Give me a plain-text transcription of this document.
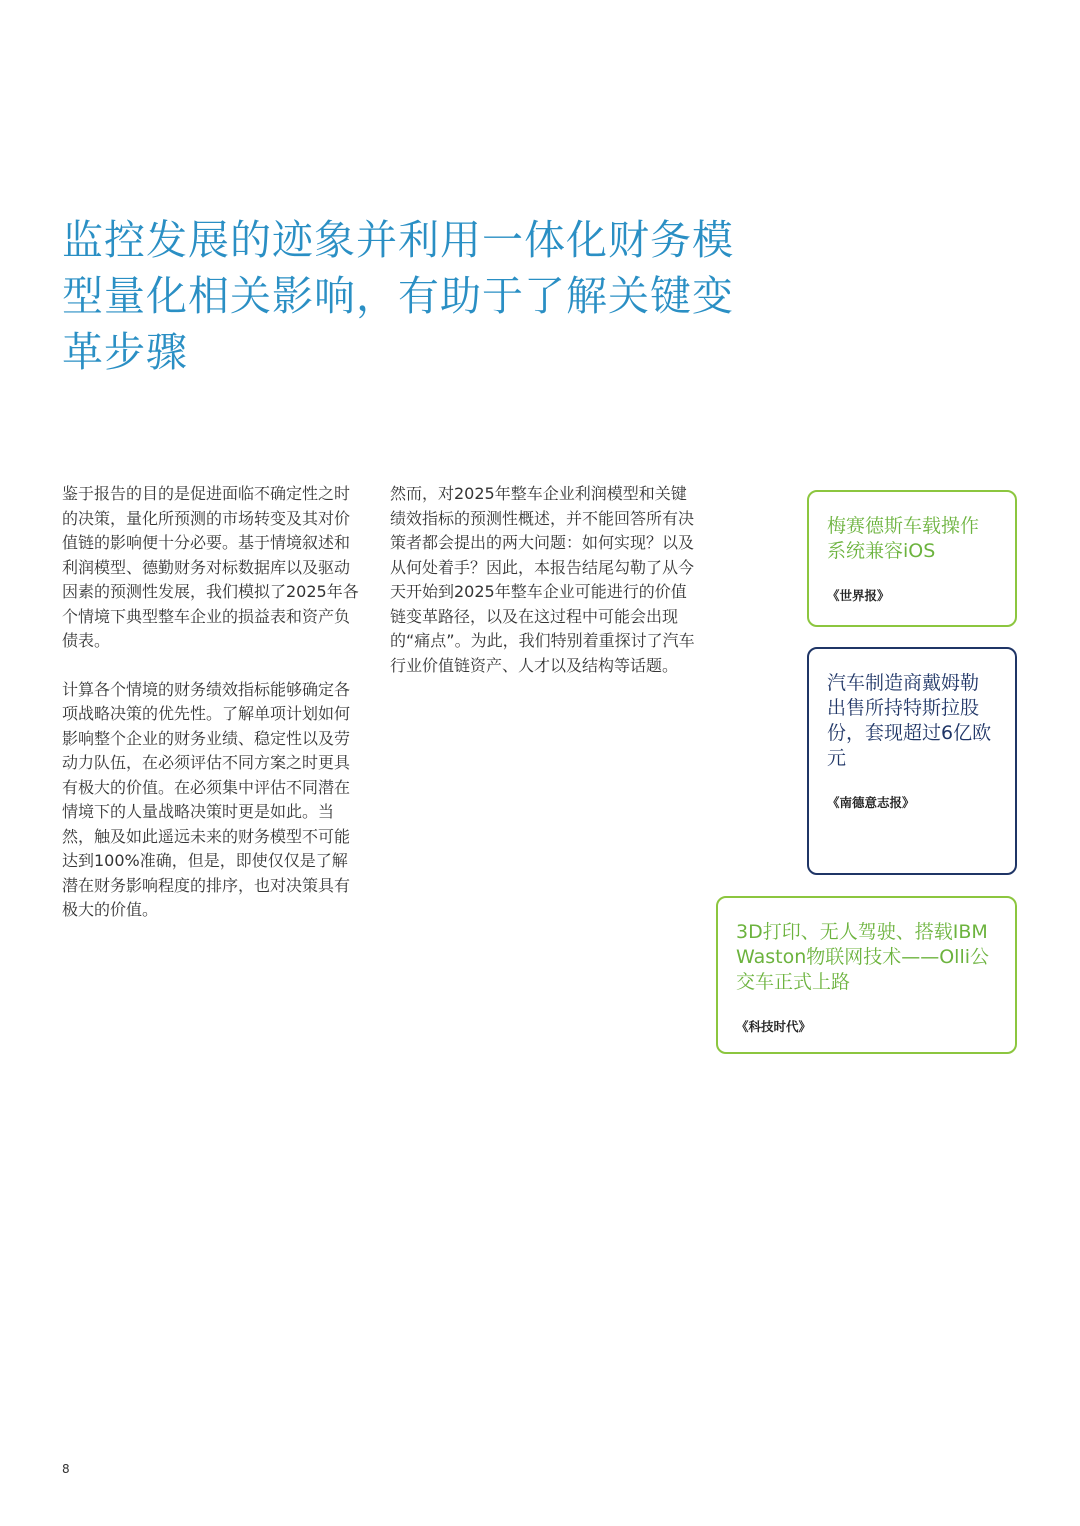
监控发展的迹象并利用一体化财务模型量化相关影响，有助于了解关键变革步骤

鉴于报告的目的是促进面临不确定性之时的决策，量化所预测的市场转变及其对价值链的影响便十分必要。基于情境叙述和利润模型、德勤财务对标数据库以及驱动因素的预测性发展，我们模拟了2025年各个情境下典型整车企业的损益表和资产负债表。

计算各个情境的财务绩效指标能够确定各项战略决策的优先性。了解单项计划如何影响整个企业的财务业绩、稳定性以及劳动力队伍，在必须评估不同方案之时更具有极大的价值。在必须集中评估不同潜在情境下的人量战略决策时更是如此。当然，触及如此遥远未来的财务模型不可能达到100%准确，但是，即使仅仅是了解潜在财务影响程度的排序，也对决策具有极大的价值。

然而，对2025年整车企业利润模型和关键绩效指标的预测性概述，并不能回答所有决策者都会提出的两大问题：如何实现？以及从何处着手？因此，本报告结尾勾勒了从今天开始到2025年整车企业可能进行的价值链变革路径，以及在这过程中可能会出现的“痛点”。为此，我们特别着重探讨了汽车行业价值链资产、人才以及结构等话题。

梅赛德斯车载操作系统兼容iOS

《世界报》

汽车制造商戴姆勒出售所持特斯拉股份，套现超过6亿欧元

《南德意志报》

3D打印、无人驾驶、搭载IBM Waston物联网技术——Olli公交车正式上路

《科技时代》
8
